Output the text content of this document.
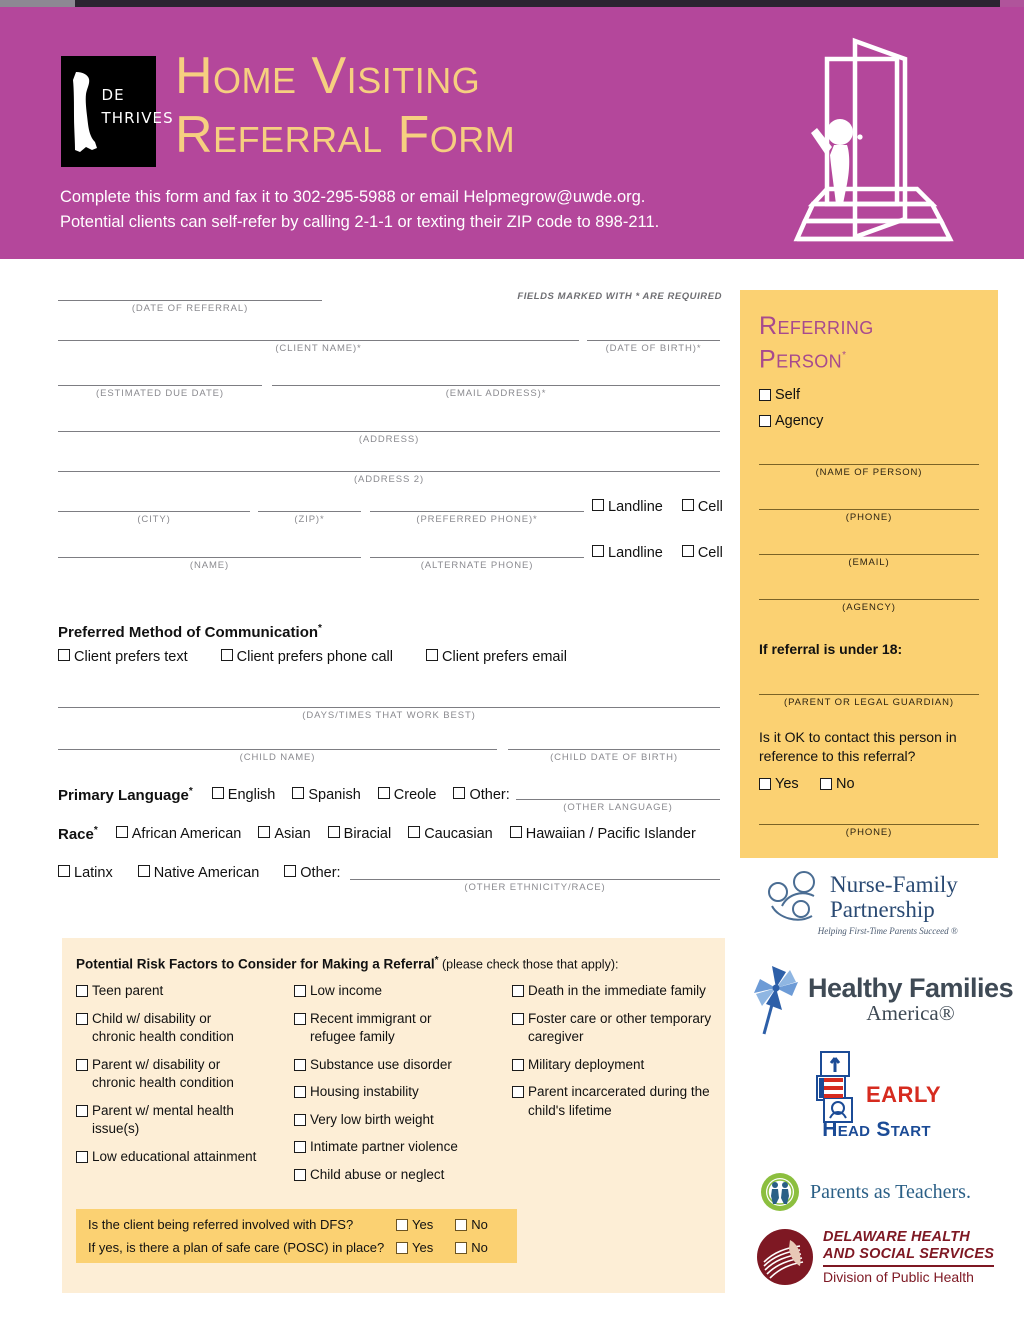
DE
THRIVES
Home Visiting
Referral Form
Complete this form and fax it to 302-295-5988 or email Helpmegrow@uwde.org.
Potential clients can self-refer by calling 2-1-1 or texting their ZIP code to 898-211.
FIELDS MARKED WITH * ARE REQUIRED
(DATE OF REFERRAL)
(CLIENT NAME)*	(DATE OF BIRTH)*
(ESTIMATED DUE DATE)	(EMAIL ADDRESS)*
(ADDRESS)
(ADDRESS 2)
(CITY)	(ZIP)*	(PREFERRED PHONE)*
Landline Cell
(NAME)	(ALTERNATE PHONE)
Landline Cell
Preferred Method of Communication*
Client prefers text	Client prefers phone call	Client prefers email
(DAYS/TIMES THAT WORK BEST)
(CHILD NAME)	(CHILD DATE OF BIRTH)
Primary Language* English Spanish Creole Other:
(OTHER LANGUAGE)
Race* African American Asian Biracial Caucasian Hawaiian / Pacific Islander
Latinx	Native American	Other:
(OTHER ETHNICITY/RACE)
Potential Risk Factors to Consider for Making a Referral* (please check those that apply):
Teen parent
Child w/ disability or chronic health condition
Parent w/ disability or chronic health condition
Parent w/ mental health issue(s)
Low educational attainment
Low income
Recent immigrant or refugee family
Substance use disorder
Housing instability
Very low birth weight
Intimate partner violence
Child abuse or neglect
Death in the immediate family
Foster care or other temporary caregiver
Military deployment
Parent incarcerated during the child's lifetime
Is the client being referred involved with DFS?	Yes	No
If yes, is there a plan of safe care (POSC) in place?	Yes	No
Referring
Person*
Self
Agency
(NAME OF PERSON)
(PHONE)
(EMAIL)
(AGENCY)
If referral is under 18:
(PARENT OR LEGAL GUARDIAN)
Is it OK to contact this person in
reference to this referral?
Yes	No
(PHONE)
Nurse-Family
Partnership
Helping First-Time Parents Succeed ®
Healthy Families
America®
EARLY
Head Start
Parents as Teachers.
DELAWARE HEALTH
AND SOCIAL SERVICES
Division of Public Health
